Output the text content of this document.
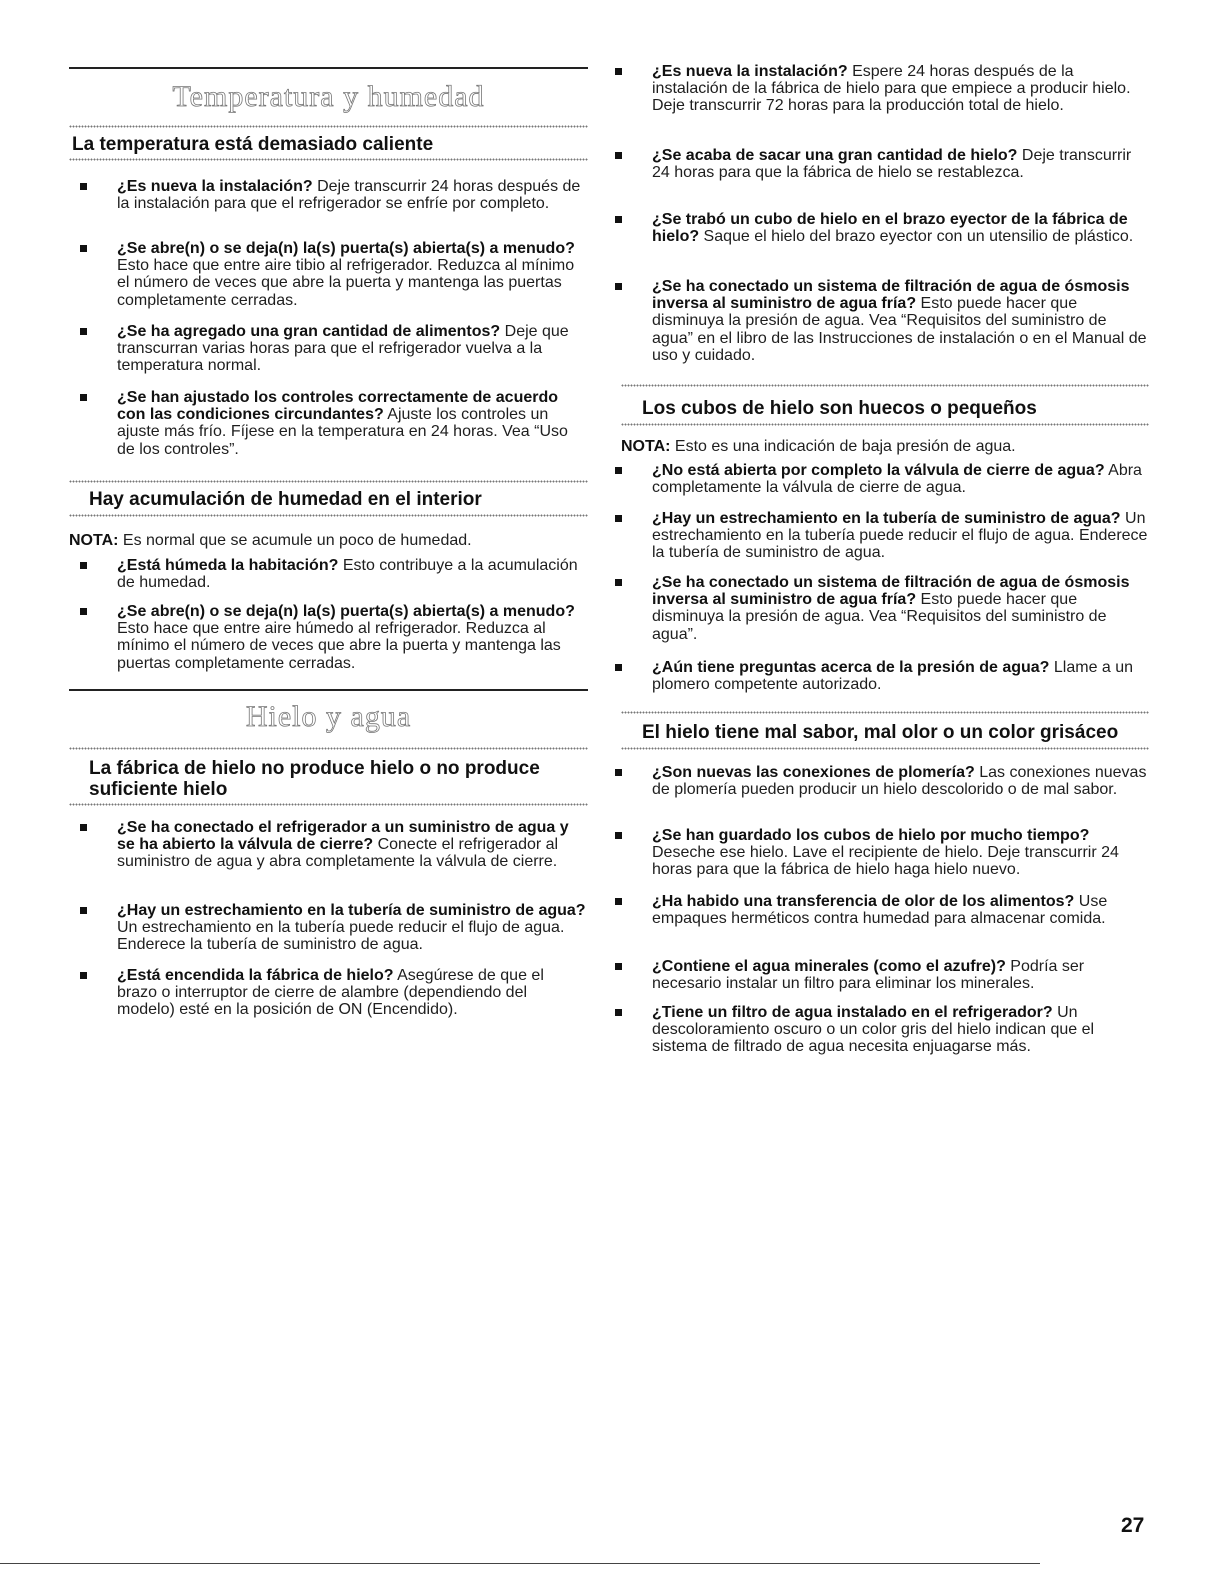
Temperatura y humedad
La temperatura está demasiado caliente
¿Es nueva la instalación? Deje transcurrir 24 horas después de la instalación para que el refrigerador se enfríe por completo.
¿Se abre(n) o se deja(n) la(s) puerta(s) abierta(s) a menudo? Esto hace que entre aire tibio al refrigerador. Reduzca al mínimo el número de veces que abre la puerta y mantenga las puertas completamente cerradas.
¿Se ha agregado una gran cantidad de alimentos? Deje que transcurran varias horas para que el refrigerador vuelva a la temperatura normal.
¿Se han ajustado los controles correctamente de acuerdo con las condiciones circundantes? Ajuste los controles un ajuste más frío. Fíjese en la temperatura en 24 horas. Vea “Uso de los controles”.
Hay acumulación de humedad en el interior
NOTA: Es normal que se acumule un poco de humedad.
¿Está húmeda la habitación? Esto contribuye a la acumulación de humedad.
¿Se abre(n) o se deja(n) la(s) puerta(s) abierta(s) a menudo? Esto hace que entre aire húmedo al refrigerador. Reduzca al mínimo el número de veces que abre la puerta y mantenga las puertas completamente cerradas.
Hielo y agua
La fábrica de hielo no produce hielo o no produce suficiente hielo
¿Se ha conectado el refrigerador a un suministro de agua y se ha abierto la válvula de cierre? Conecte el refrigerador al suministro de agua y abra completamente la válvula de cierre.
¿Hay un estrechamiento en la tubería de suministro de agua? Un estrechamiento en la tubería puede reducir el flujo de agua. Enderece la tubería de suministro de agua.
¿Está encendida la fábrica de hielo? Asegúrese de que el brazo o interruptor de cierre de alambre (dependiendo del modelo) esté en la posición de ON (Encendido).
¿Es nueva la instalación? Espere 24 horas después de la instalación de la fábrica de hielo para que empiece a producir hielo. Deje transcurrir 72 horas para la producción total de hielo.
¿Se acaba de sacar una gran cantidad de hielo? Deje transcurrir 24 horas para que la fábrica de hielo se restablezca.
¿Se trabó un cubo de hielo en el brazo eyector de la fábrica de hielo? Saque el hielo del brazo eyector con un utensilio de plástico.
¿Se ha conectado un sistema de filtración de agua de ósmosis inversa al suministro de agua fría? Esto puede hacer que disminuya la presión de agua. Vea “Requisitos del suministro de agua” en el libro de las Instrucciones de instalación o en el Manual de uso y cuidado.
Los cubos de hielo son huecos o pequeños
NOTA: Esto es una indicación de baja presión de agua.
¿No está abierta por completo la válvula de cierre de agua? Abra completamente la válvula de cierre de agua.
¿Hay un estrechamiento en la tubería de suministro de agua? Un estrechamiento en la tubería puede reducir el flujo de agua. Enderece la tubería de suministro de agua.
¿Se ha conectado un sistema de filtración de agua de ósmosis inversa al suministro de agua fría? Esto puede hacer que disminuya la presión de agua. Vea “Requisitos del suministro de agua”.
¿Aún tiene preguntas acerca de la presión de agua? Llame a un plomero competente autorizado.
El hielo tiene mal sabor, mal olor o un color grisáceo
¿Son nuevas las conexiones de plomería? Las conexiones nuevas de plomería pueden producir un hielo descolorido o de mal sabor.
¿Se han guardado los cubos de hielo por mucho tiempo? Deseche ese hielo. Lave el recipiente de hielo. Deje transcurrir 24 horas para que la fábrica de hielo haga hielo nuevo.
¿Ha habido una transferencia de olor de los alimentos? Use empaques herméticos contra humedad para almacenar comida.
¿Contiene el agua minerales (como el azufre)? Podría ser necesario instalar un filtro para eliminar los minerales.
¿Tiene un filtro de agua instalado en el refrigerador? Un descoloramiento oscuro o un color gris del hielo indican que el sistema de filtrado de agua necesita enjuagarse más.
27
